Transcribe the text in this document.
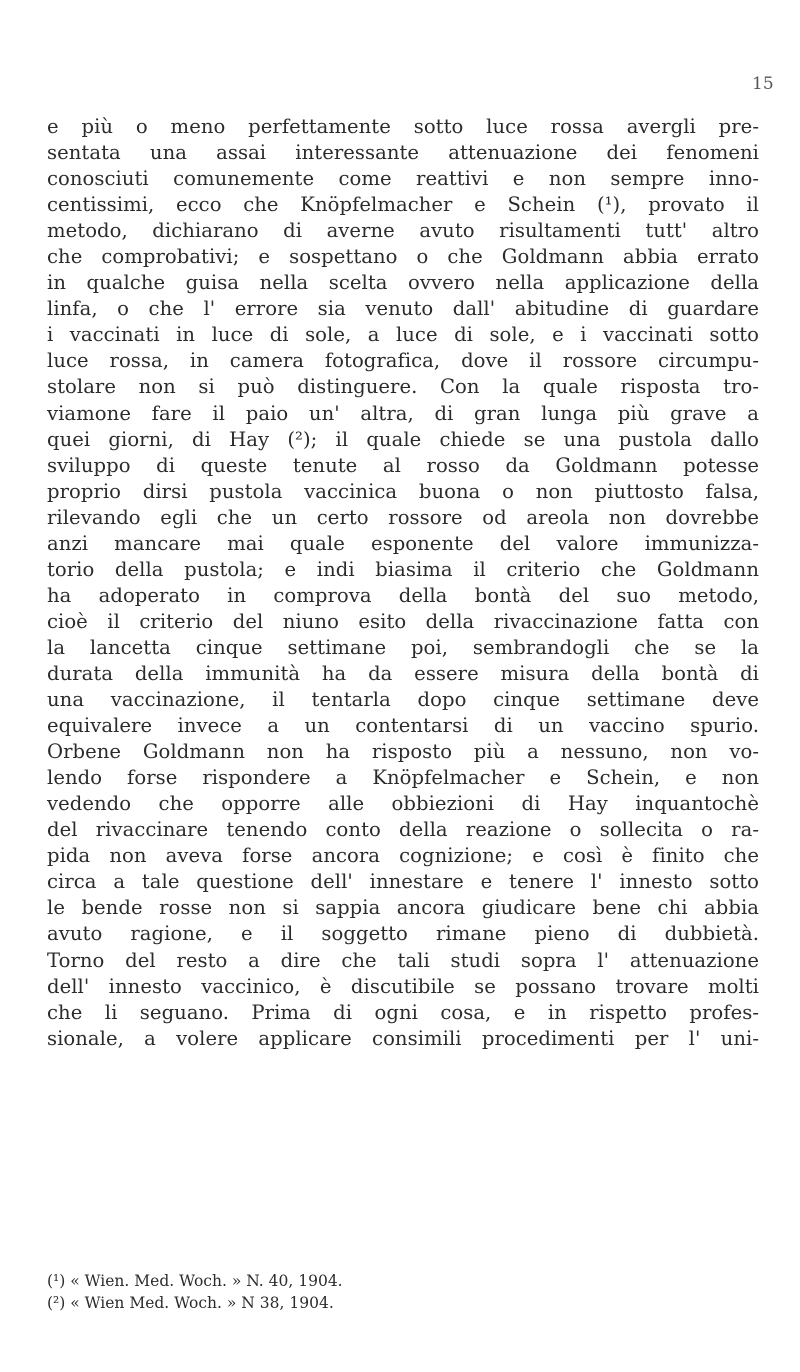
15
e più o meno perfettamente sotto luce rossa avergli pre-
sentata una assai interessante attenuazione dei fenomeni
conosciuti comunemente come reattivi e non sempre inno-
centissimi, ecco che Knöpfelmacher e Schein (¹), provato il
metodo, dichiarano di averne avuto risultamenti tutt' altro
che comprobativi; e sospettano o che Goldmann abbia errato
in qualche guisa nella scelta ovvero nella applicazione della
linfa, o che l' errore sia venuto dall' abitudine di guardare
i vaccinati in luce di sole, a luce di sole, e i vaccinati sotto
luce rossa, in camera fotografica, dove il rossore circumpu-
stolare non si può distinguere. Con la quale risposta tro-
viamone fare il paio un' altra, di gran lunga più grave a
quei giorni, di Hay (²); il quale chiede se una pustola dallo
sviluppo di queste tenute al rosso da Goldmann potesse
proprio dirsi pustola vaccinica buona o non piuttosto falsa,
rilevando egli che un certo rossore od areola non dovrebbe
anzi mancare mai quale esponente del valore immunizza-
torio della pustola; e indi biasima il criterio che Goldmann
ha adoperato in comprova della bontà del suo metodo,
cioè il criterio del niuno esito della rivaccinazione fatta con
la lancetta cinque settimane poi, sembrandogli che se la
durata della immunità ha da essere misura della bontà di
una vaccinazione, il tentarla dopo cinque settimane deve
equivalere invece a un contentarsi di un vaccino spurio.
Orbene Goldmann non ha risposto più a nessuno, non vo-
lendo forse rispondere a Knöpfelmacher e Schein, e non
vedendo che opporre alle obbiezioni di Hay inquantochè
del rivaccinare tenendo conto della reazione o sollecita o ra-
pida non aveva forse ancora cognizione; e così è finito che
circa a tale questione dell' innestare e tenere l' innesto sotto
le bende rosse non si sappia ancora giudicare bene chi abbia
avuto ragione, e il soggetto rimane pieno di dubbietà.
Torno del resto a dire che tali studi sopra l' attenuazione
dell' innesto vaccinico, è discutibile se possano trovare molti
che li seguano. Prima di ogni cosa, e in rispetto profes-
sionale, a volere applicare consimili procedimenti per l' uni-
(¹) « Wien. Med. Woch. » N. 40, 1904.
(²) « Wien Med. Woch. » N 38, 1904.
